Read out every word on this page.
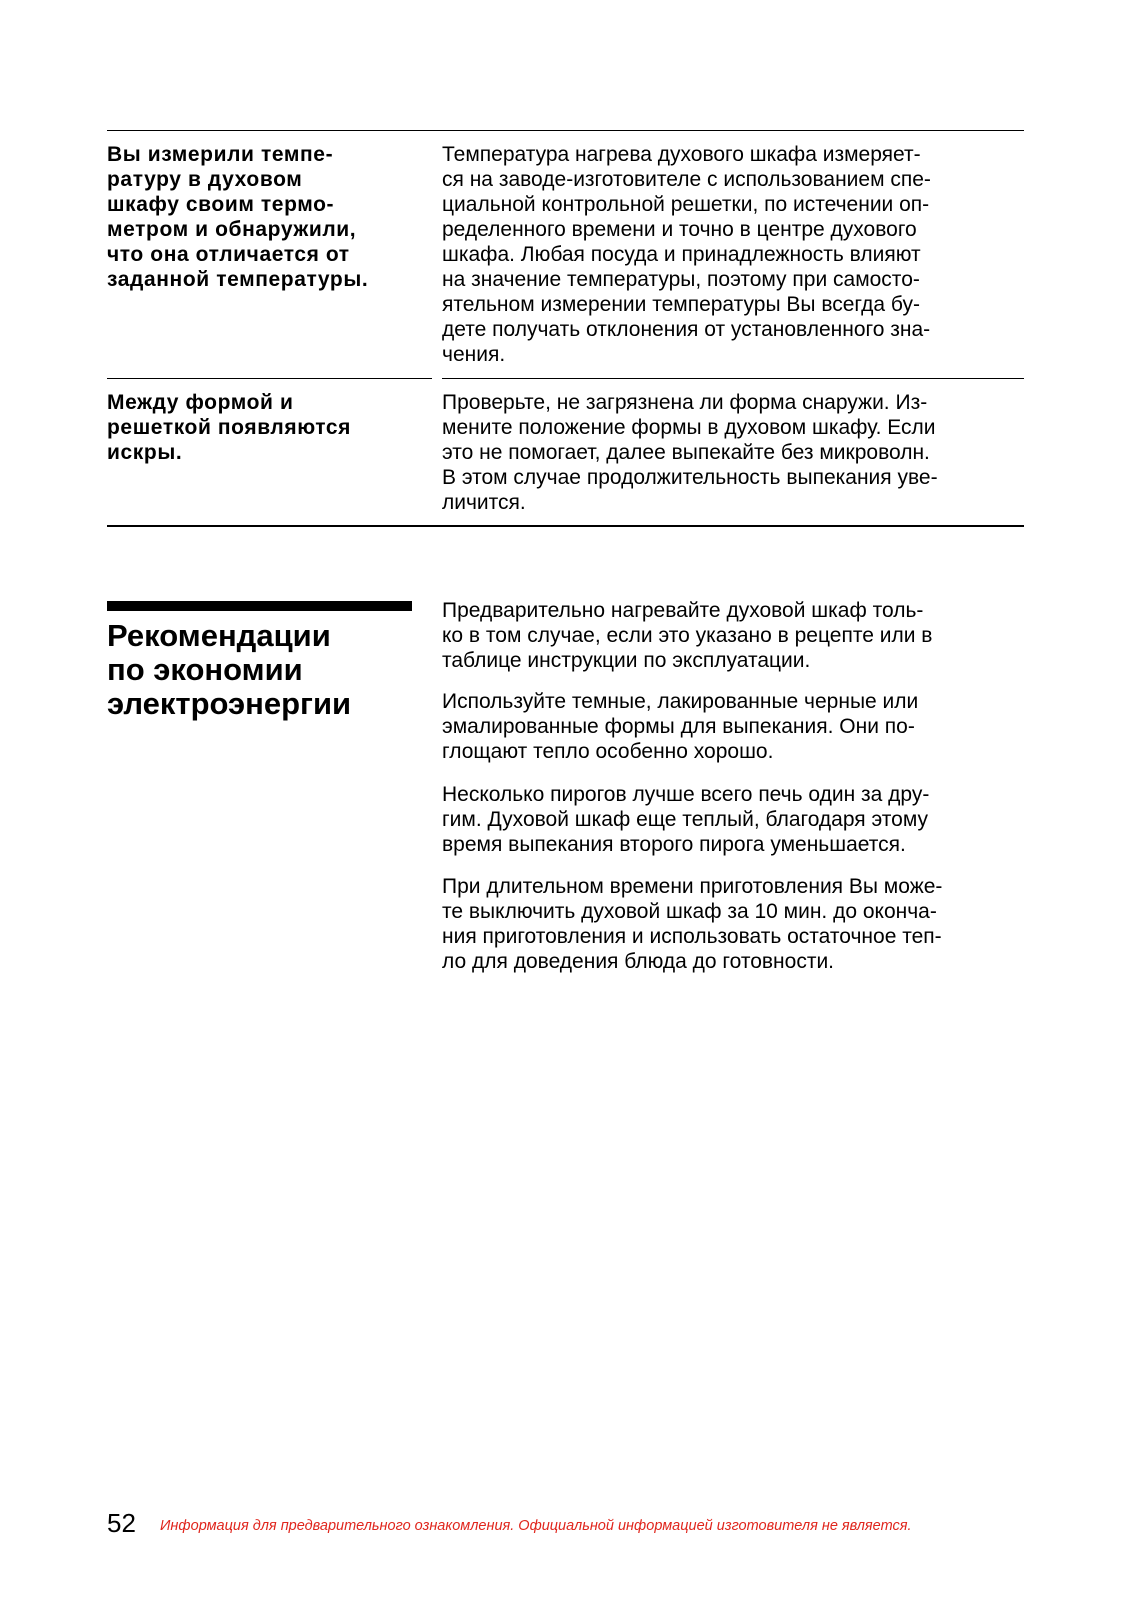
Вы измерили темпе-
ратуру в духовом
шкафу своим термо-
метром и обнаружили,
что она отличается от
заданной температуры.

Температура нагрева духового шкафа измеряет-
ся на заводе-изготовителе с использованием спе-
циальной контрольной решетки, по истечении оп-
ределенного времени и точно в центре духового
шкафа. Любая посуда и принадлежность влияют
на значение температуры, поэтому при самосто-
ятельном измерении температуры Вы всегда бу-
дете получать отклонения от установленного зна-
чения.

Между формой и
решеткой появляются
искры.

Проверьте, не загрязнена ли форма снаружи. Из-
мените положение формы в духовом шкафу. Если
это не помогает, далее выпекайте без микроволн.
В этом случае продолжительность выпекания уве-
личится.

Рекомендации
по экономии
электроэнергии

Предварительно нагревайте духовой шкаф толь-
ко в том случае, если это указано в рецепте или в
таблице инструкции по эксплуатации.

Используйте темные, лакированные черные или
эмалированные формы для выпекания. Они по-
глощают тепло особенно хорошо.

Несколько пирогов лучше всего печь один за дру-
гим. Духовой шкаф еще теплый, благодаря этому
время выпекания второго пирога уменьшается.

При длительном времени приготовления Вы може-
те выключить духовой шкаф за 10 мин. до оконча-
ния приготовления и использовать остаточное теп-
ло для доведения блюда до готовности.

52 Информация для предварительного ознакомления. Официальной информацией изготовителя не является.
